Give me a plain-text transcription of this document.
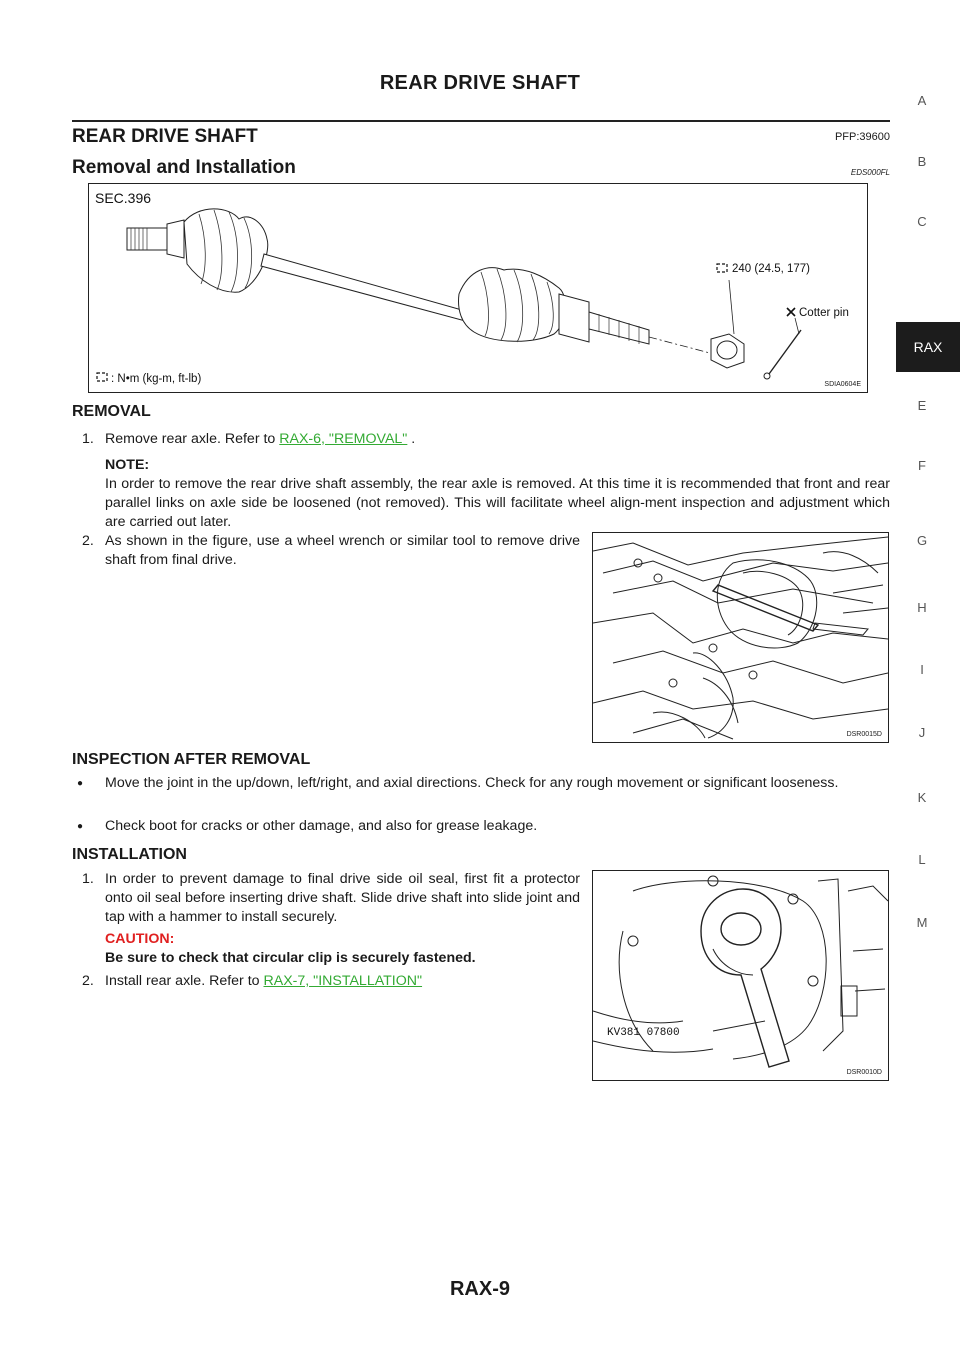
REAR DRIVE SHAFT
REAR DRIVE SHAFT	PFP:39600
Removal and Installation	EDS000FL
SEC.396
240 (24.5, 177)
Cotter pin
: N•m (kg-m, ft-lb)	SDIA0604E
REMOVAL
1. Remove rear axle. Refer to RAX-6, "REMOVAL" .
NOTE:
In order to remove the rear drive shaft assembly, the rear axle is removed. At this time it is recommended that front and rear parallel links on axle side be loosened (not removed). This will facilitate wheel align-ment inspection and adjustment which are carried out later.
As shown in the figure, use a wheel wrench or similar tool to remove drive shaft from final drive.
2.
DSR0015D
INSPECTION AFTER REMOVAL
● Move the joint in the up/down, left/right, and axial directions. Check for any rough movement or significant looseness.
● Check boot for cracks or other damage, and also for grease leakage.
INSTALLATION
1. In order to prevent damage to final drive side oil seal, first fit a protector onto oil seal before inserting drive shaft. Slide drive shaft into slide joint and tap with a hammer to install securely.
CAUTION:
Be sure to check that circular clip is securely fastened.
2. Install rear axle. Refer to RAX-7, "INSTALLATION"
KV381 07800
DSR0010D
A
B
C
RAX
E
F
G
H
I
J
K
L
M
RAX-9
